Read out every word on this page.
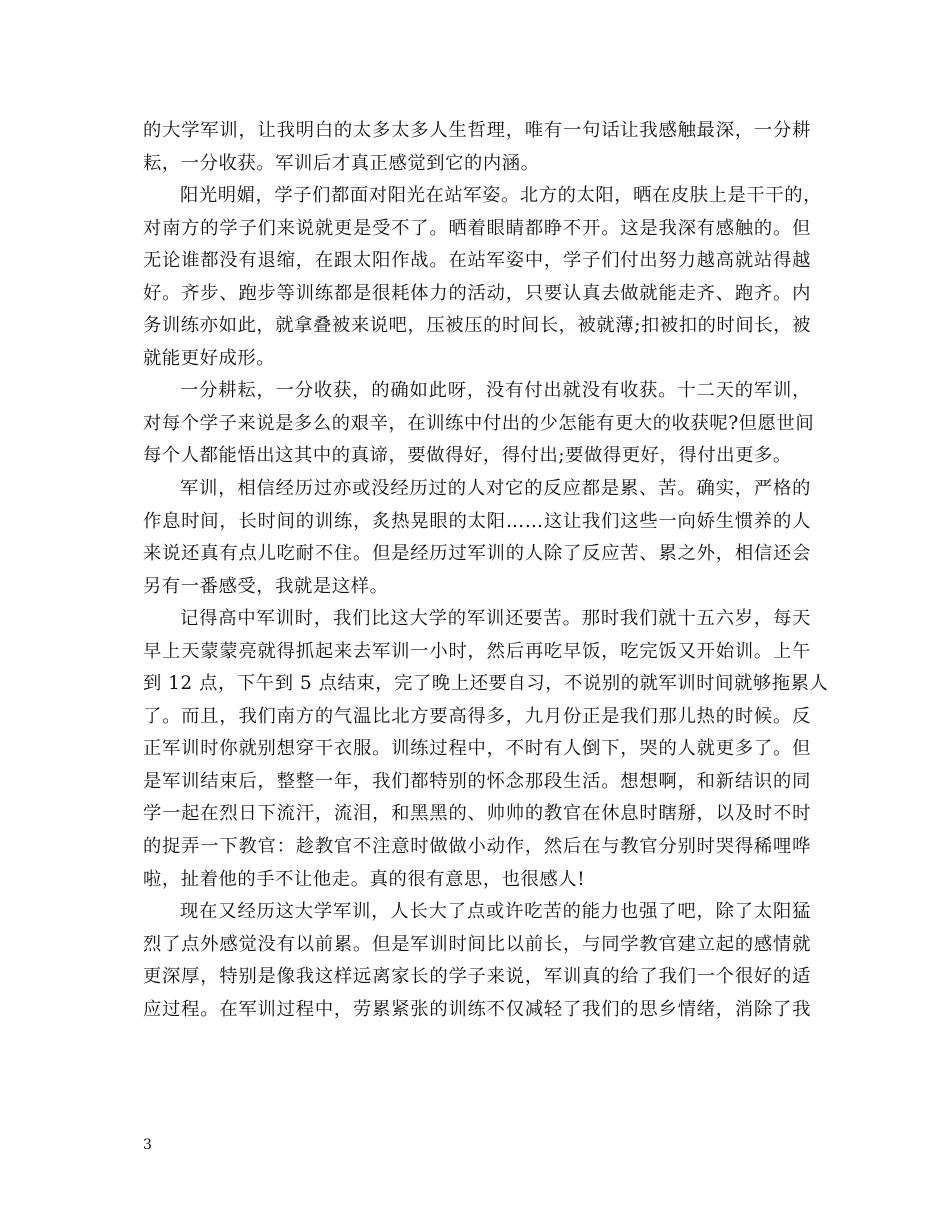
的大学军训，让我明白的太多太多人生哲理，唯有一句话让我感触最深，一分耕
耘，一分收获。军训后才真正感觉到它的内涵。
阳光明媚，学子们都面对阳光在站军姿。北方的太阳，晒在皮肤上是干干的，
对南方的学子们来说就更是受不了。晒着眼睛都睁不开。这是我深有感触的。但
无论谁都没有退缩，在跟太阳作战。在站军姿中，学子们付出努力越高就站得越
好。齐步、跑步等训练都是很耗体力的活动，只要认真去做就能走齐、跑齐。内
务训练亦如此，就拿叠被来说吧，压被压的时间长，被就薄;扣被扣的时间长，被
就能更好成形。
一分耕耘，一分收获，的确如此呀，没有付出就没有收获。十二天的军训，
对每个学子来说是多么的艰辛，在训练中付出的少怎能有更大的收获呢?但愿世间
每个人都能悟出这其中的真谛，要做得好，得付出;要做得更好，得付出更多。
军训，相信经历过亦或没经历过的人对它的反应都是累、苦。确实，严格的
作息时间，长时间的训练，炙热晃眼的太阳……这让我们这些一向娇生惯养的人
来说还真有点儿吃耐不住。但是经历过军训的人除了反应苦、累之外，相信还会
另有一番感受，我就是这样。
记得高中军训时，我们比这大学的军训还要苦。那时我们就十五六岁，每天
早上天蒙蒙亮就得抓起来去军训一小时，然后再吃早饭，吃完饭又开始训。上午
到 12 点，下午到 5 点结束，完了晚上还要自习，不说别的就军训时间就够拖累人
了。而且，我们南方的气温比北方要高得多，九月份正是我们那儿热的时候。反
正军训时你就别想穿干衣服。训练过程中，不时有人倒下，哭的人就更多了。但
是军训结束后，整整一年，我们都特别的怀念那段生活。想想啊，和新结识的同
学一起在烈日下流汗，流泪，和黑黑的、帅帅的教官在休息时瞎掰，以及时不时
的捉弄一下教官：趁教官不注意时做做小动作，然后在与教官分别时哭得稀哩哗
啦，扯着他的手不让他走。真的很有意思，也很感人!
现在又经历这大学军训，人长大了点或许吃苦的能力也强了吧，除了太阳猛
烈了点外感觉没有以前累。但是军训时间比以前长，与同学教官建立起的感情就
更深厚，特别是像我这样远离家长的学子来说，军训真的给了我们一个很好的适
应过程。在军训过程中，劳累紧张的训练不仅减轻了我们的思乡情绪，消除了我
3
